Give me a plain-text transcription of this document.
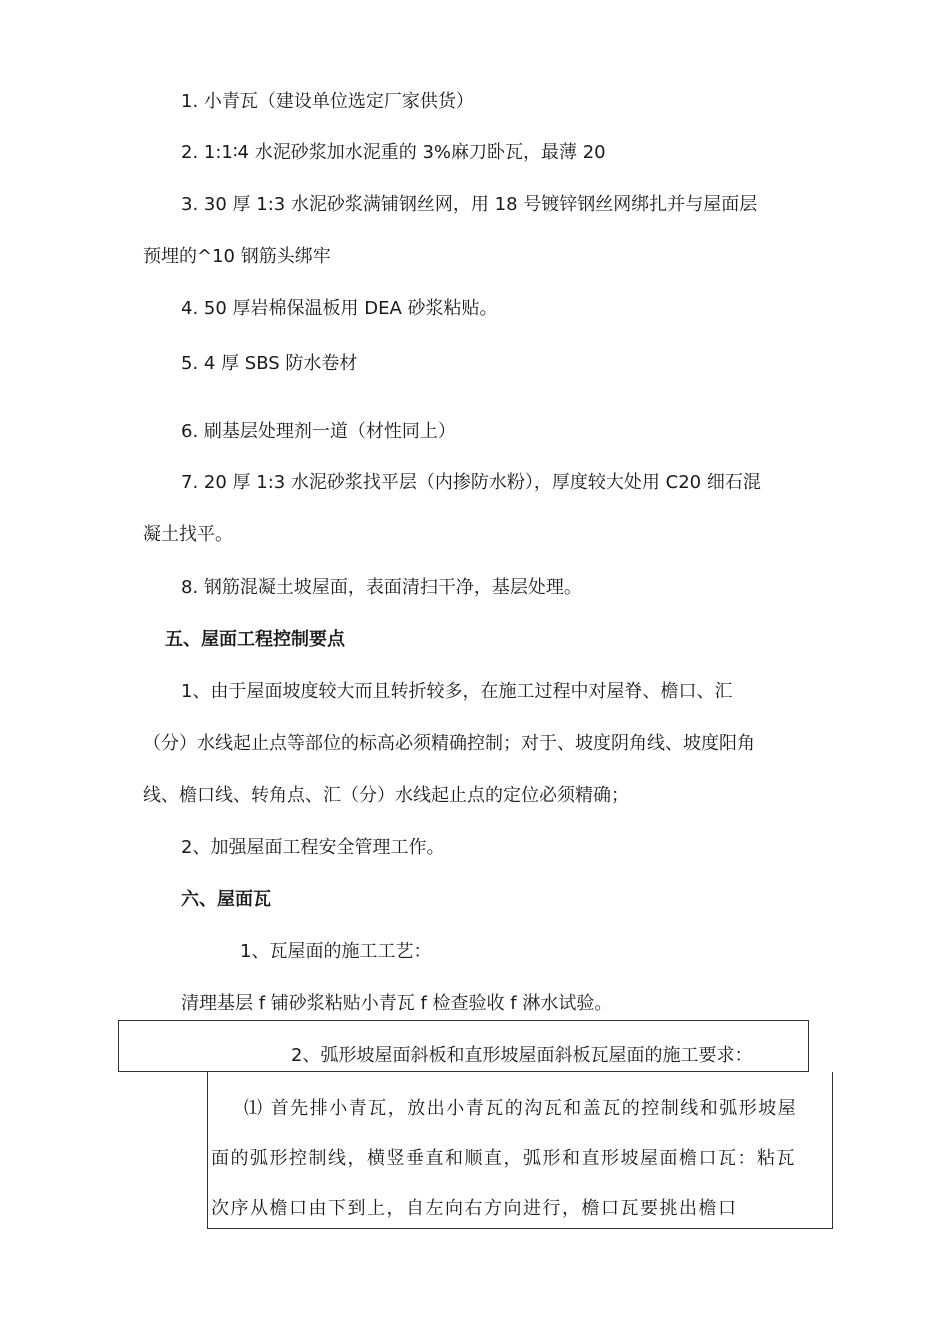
1. 小青瓦（建设单位选定厂家供货）
2. 1:1∶4 水泥砂浆加水泥重的 3%麻刀卧瓦，最薄 20
3. 30 厚 1:3 水泥砂浆满铺钢丝网，用 18 号镀锌钢丝网绑扎并与屋面层
预埋的^10 钢筋头绑牢
4. 50 厚岩棉保温板用 DEA 砂浆粘贴。
5. 4 厚 SBS 防水卷材
6. 刷基层处理剂一道（材性同上）
7. 20 厚 1:3 水泥砂浆找平层（内掺防水粉），厚度较大处用 C20 细石混
凝土找平。
8. 钢筋混凝土坡屋面，表面清扫干净，基层处理。
五、屋面工程控制要点
1、由于屋面坡度较大而且转折较多，在施工过程中对屋脊、檐口、汇
（分）水线起止点等部位的标高必须精确控制；对于、坡度阴角线、坡度阳角
线、檐口线、转角点、汇（分）水线起止点的定位必须精确；
2、加强屋面工程安全管理工作。
六、屋面瓦
1、瓦屋面的施工工艺：
清理基层 f 铺砂浆粘贴小青瓦 f 检查验收 f 淋水试验。
2、弧形坡屋面斜板和直形坡屋面斜板瓦屋面的施工要求：
⑴ 首先排小青瓦，放出小青瓦的沟瓦和盖瓦的控制线和弧形坡屋
面的弧形控制线，横竖垂直和顺直，弧形和直形坡屋面檐口瓦：粘瓦
次序从檐口由下到上，自左向右方向进行，檐口瓦要挑出檐口
